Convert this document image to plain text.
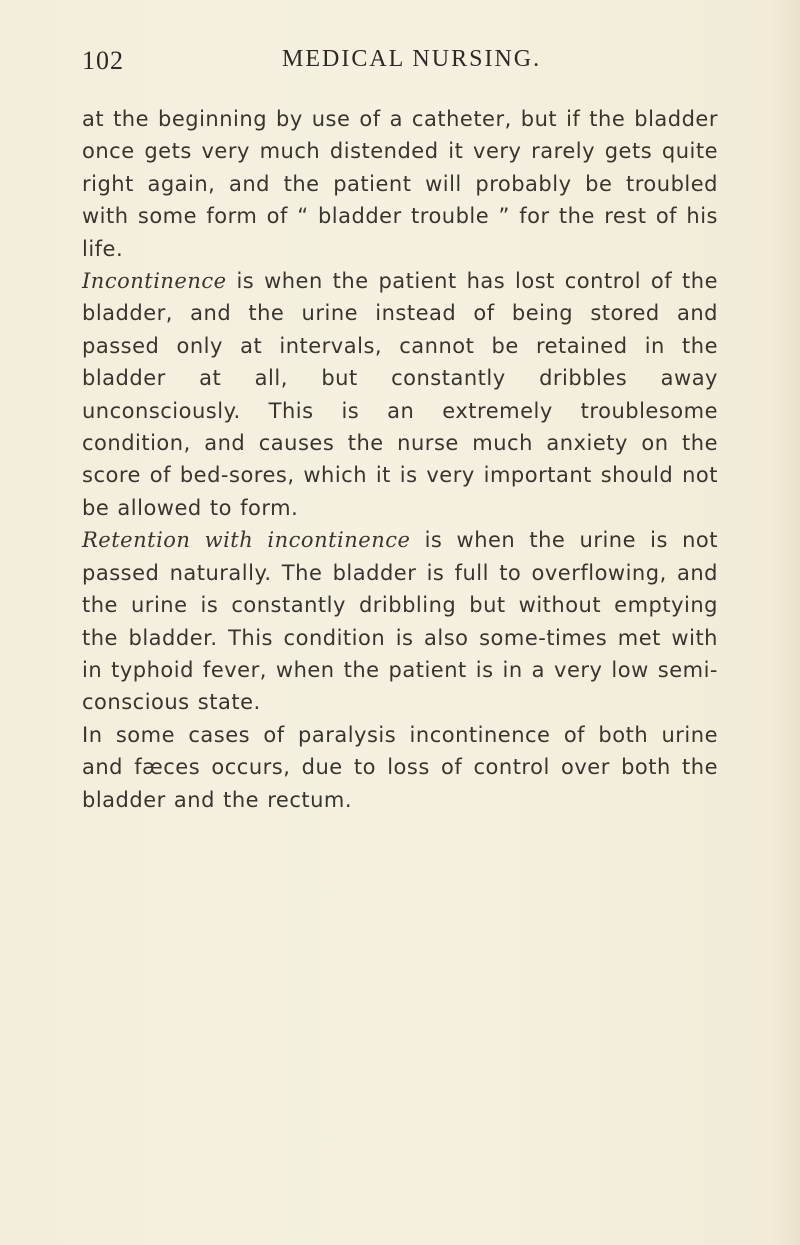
102	MEDICAL NURSING.

at the beginning by use of a catheter, but if the bladder once gets very much distended it very rarely gets quite right again, and the patient will probably be troubled with some form of “ bladder trouble ” for the rest of his life.

Incontinence is when the patient has lost control of the bladder, and the urine instead of being stored and passed only at intervals, cannot be retained in the bladder at all, but constantly dribbles away unconsciously. This is an extremely troublesome condition, and causes the nurse much anxiety on the score of bed-sores, which it is very important should not be allowed to form.

Retention with incontinence is when the urine is not passed naturally. The bladder is full to overflowing, and the urine is constantly dribbling but without emptying the bladder. This condition is also some-times met with in typhoid fever, when the patient is in a very low semi-conscious state.

In some cases of paralysis incontinence of both urine and fæces occurs, due to loss of control over both the bladder and the rectum.
